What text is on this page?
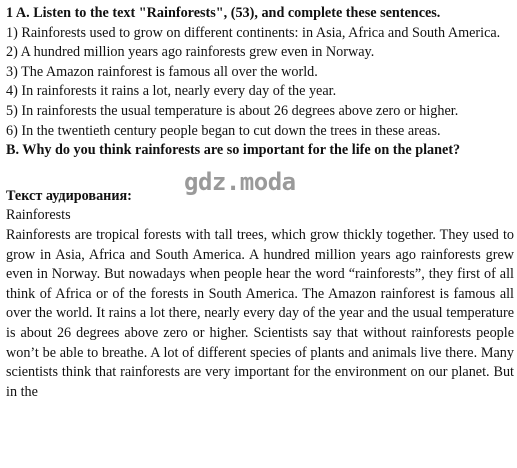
1 A. Listen to the text "Rainforests", (53), and complete these sentences.
1) Rainforests used to grow on different continents: in Asia, Africa and South America.
2) A hundred million years ago rainforests grew even in Norway.
3) The Amazon rainforest is famous all over the world.
4) In rainforests it rains a lot, nearly every day of the year.
5) In rainforests the usual temperature is about 26 degrees above zero or higher.
6) In the twentieth century people began to cut down the trees in these areas.
B. Why do you think rainforests are so important for the life on the planet?
Текст аудирования:	gdz.moda
Rainforests
Rainforests are tropical forests with tall trees, which grow thickly together. They used to grow in Asia, Africa and South America. A hundred million years ago rainforests grew even in Norway. But nowadays when people hear the word “rainforests”, they first of all think of Africa or of the forests in South America. The Amazon rainforest is famous all over the world. It rains a lot there, nearly every day of the year and the usual temperature is about 26 degrees above zero or higher. Scientists say that without rainforests people won’t be able to breathe. A lot of different species of plants and animals live there. Many scientists think that rainforests are very important for the environment on our planet. But in the
